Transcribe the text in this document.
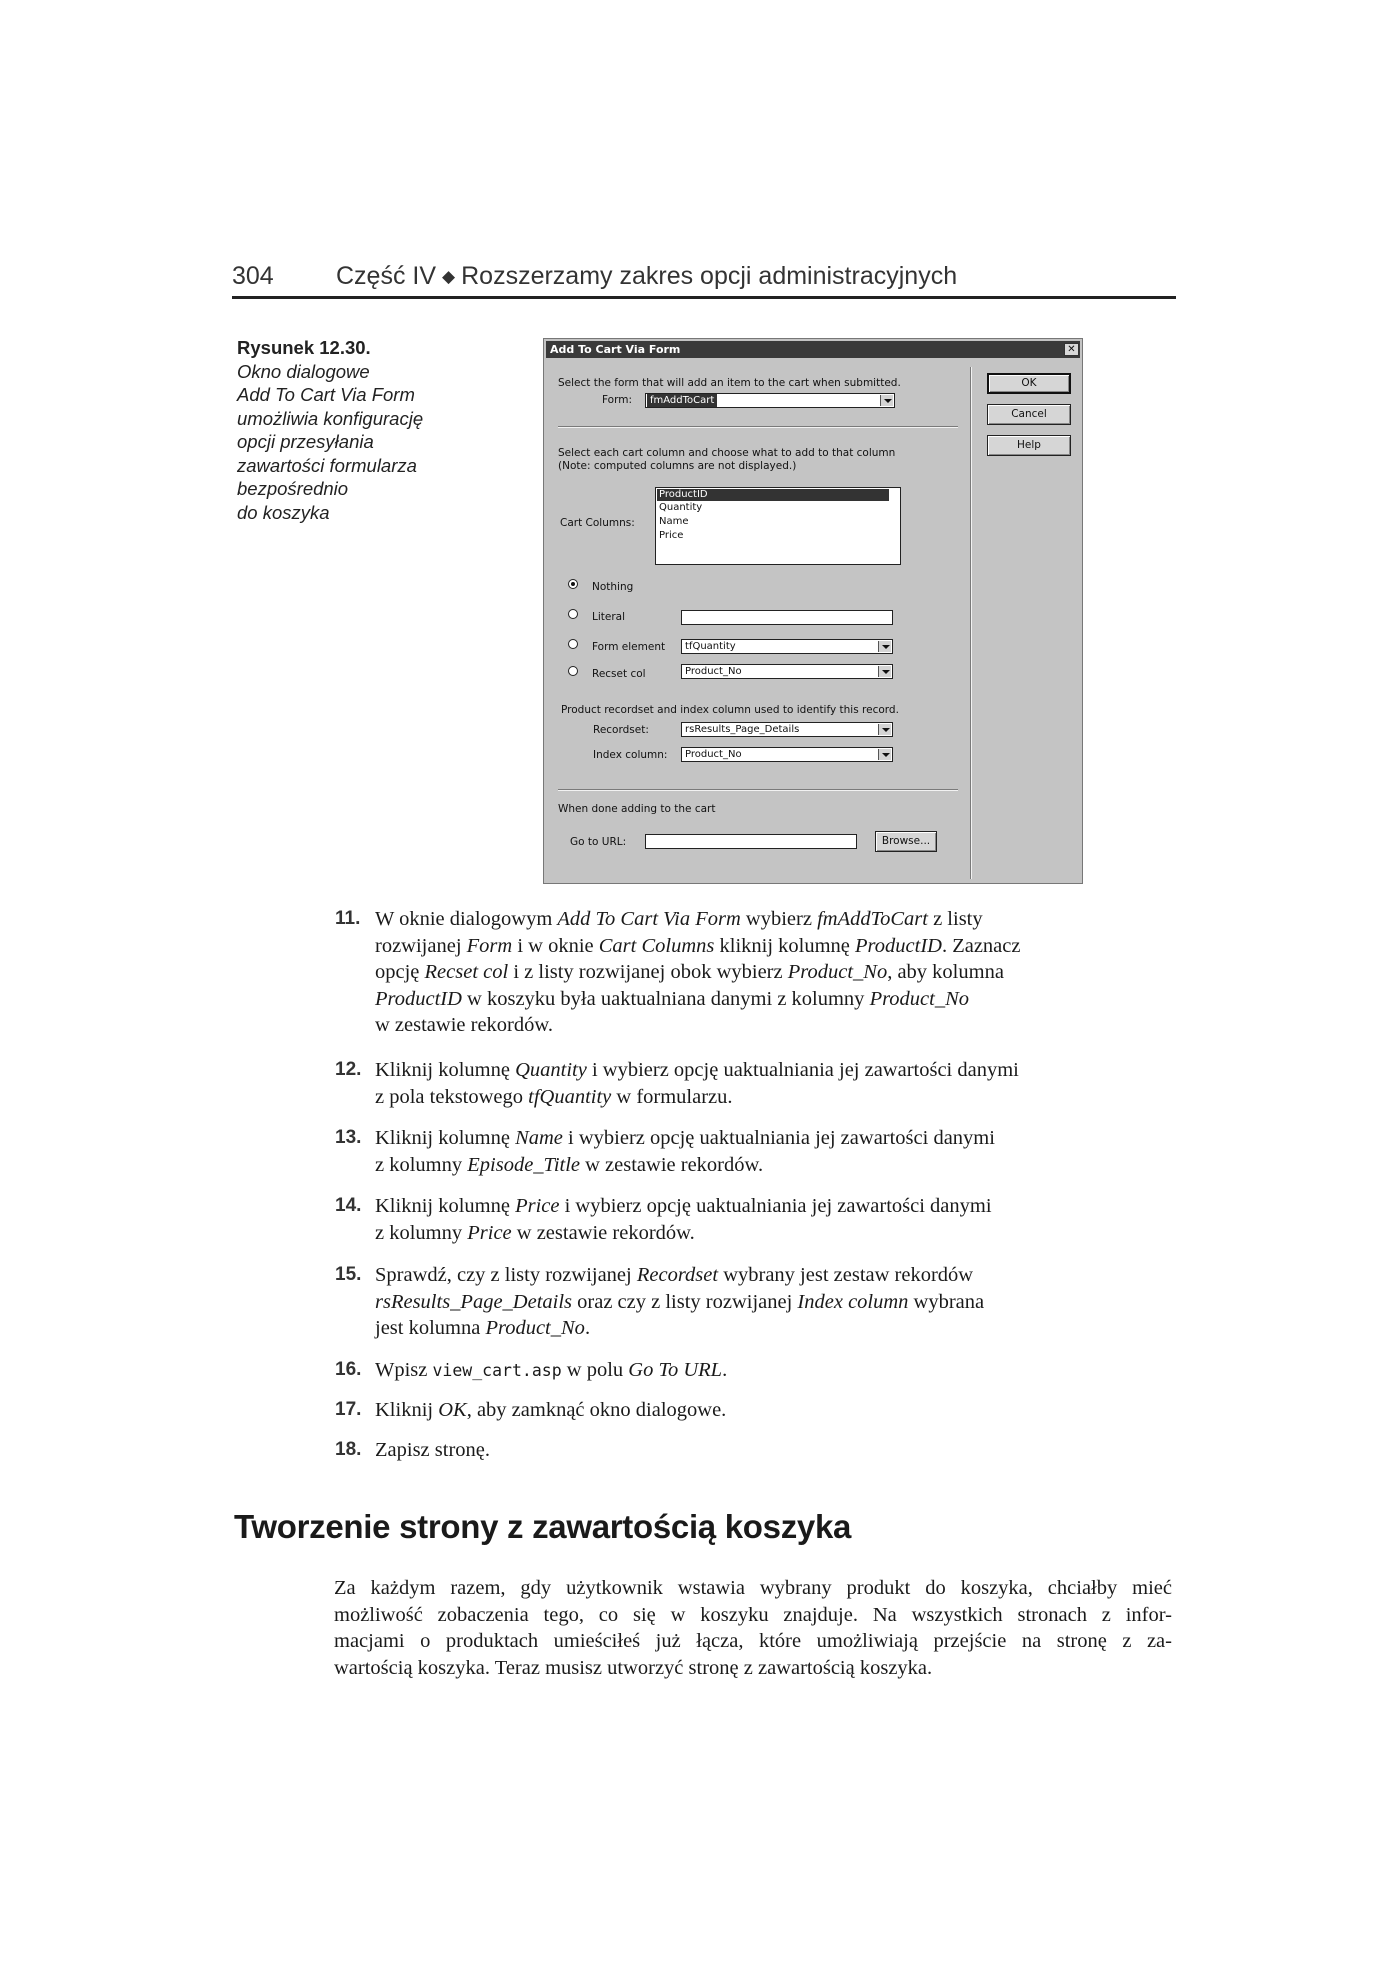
304 Część IV ◆ Rozszerzamy zakres opcji administracyjnych
Rysunek 12.30.
Okno dialogowe
Add To Cart Via Form
umożliwia konfigurację
opcji przesyłania
zawartości formularza
bezpośrednio
do koszyka
Add To Cart Via Form	✕
Select the form that will add an item to the cart when submitted.
Form:	fmAddToCart
OK
Cancel
Help
Select each cart column and choose what to add to that column
(Note: computed columns are not displayed.)
Cart Columns:
ProductID
Quantity
Name
Price
Nothing
Literal
Form element tfQuantity
Recset col	Product_No
Product recordset and index column used to identify this record.
Recordset:	rsResults_Page_Details
Index column: Product_No
When done adding to the cart
Go to URL:	Browse...
11. W oknie dialogowym Add To Cart Via Form wybierz fmAddToCart z listy
rozwijanej Form i w oknie Cart Columns kliknij kolumnę ProductID. Zaznacz
opcję Recset col i z listy rozwijanej obok wybierz Product_No, aby kolumna
ProductID w koszyku była uaktualniana danymi z kolumny Product_No
w zestawie rekordów.
12. Kliknij kolumnę Quantity i wybierz opcję uaktualniania jej zawartości danymi
z pola tekstowego tfQuantity w formularzu.
13. Kliknij kolumnę Name i wybierz opcję uaktualniania jej zawartości danymi
z kolumny Episode_Title w zestawie rekordów.
14. Kliknij kolumnę Price i wybierz opcję uaktualniania jej zawartości danymi
z kolumny Price w zestawie rekordów.
15. Sprawdź, czy z listy rozwijanej Recordset wybrany jest zestaw rekordów
rsResults_Page_Details oraz czy z listy rozwijanej Index column wybrana
jest kolumna Product_No.
16. Wpisz view_cart.asp w polu Go To URL.
17. Kliknij OK, aby zamknąć okno dialogowe.
18. Zapisz stronę.
Tworzenie strony z zawartością koszyka
Za każdym razem, gdy użytkownik wstawia wybrany produkt do koszyka, chciałby mieć
możliwość zobaczenia tego, co się w koszyku znajduje. Na wszystkich stronach z infor-
macjami o produktach umieściłeś już łącza, które umożliwiają przejście na stronę z za-
wartością koszyka. Teraz musisz utworzyć stronę z zawartością koszyka.
